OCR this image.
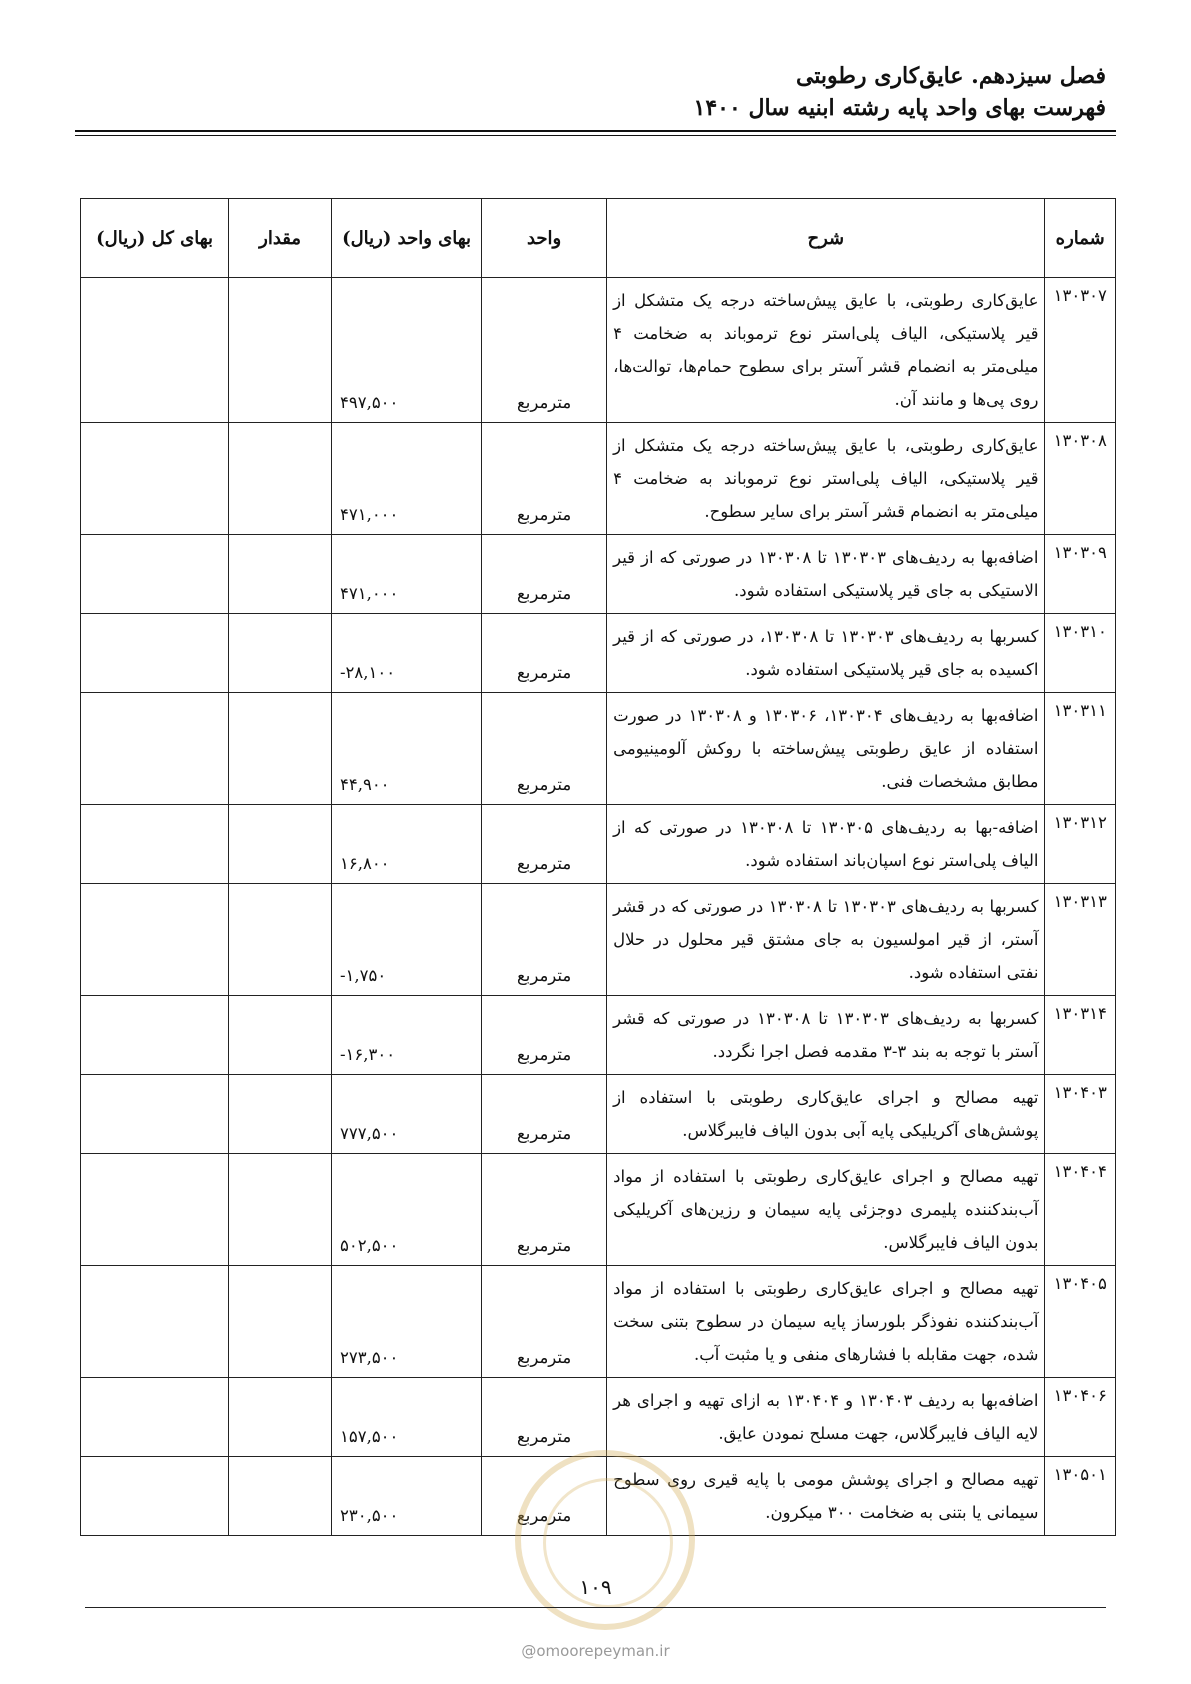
فصل سیزدهم. عایق‌کاری رطوبتی
فهرست بهای واحد پایه رشته ابنیه سال ۱۴۰۰
شماره	شرح	واحد	بهای واحد (ریال)	مقدار	بهای کل (ریال)
۱۳۰۳۰۷	عایق‌کاری رطوبتی، با عایق پیش‌ساخته درجه یک متشکل از قیر پلاستیکی، الیاف پلی‌استر نوع ترموباند به ضخامت ۴ میلی‌متر به انضمام قشر آستر برای سطوح حمام‌ها، توالت‌ها، روی پی‌ها و مانند آن.	مترمربع	۴۹۷,۵۰۰		
۱۳۰۳۰۸	عایق‌کاری رطوبتی، با عایق پیش‌ساخته درجه یک متشکل از قیر پلاستیکی، الیاف پلی‌استر نوع ترموباند به ضخامت ۴ میلی‌متر به انضمام قشر آستر برای سایر سطوح.	مترمربع	۴۷۱,۰۰۰		
۱۳۰۳۰۹	اضافه‌بها به ردیف‌های ۱۳۰۳۰۳ تا ۱۳۰۳۰۸ در صورتی که از قیر الاستیکی به جای قیر پلاستیکی استفاده شود.	مترمربع	۴۷۱,۰۰۰		
۱۳۰۳۱۰	کسربها به ردیف‌های ۱۳۰۳۰۳ تا ۱۳۰۳۰۸، در صورتی که از قیر اکسیده به جای قیر پلاستیکی استفاده شود.	مترمربع	-۲۸,۱۰۰		
۱۳۰۳۱۱	اضافه‌بها به ردیف‌های ۱۳۰۳۰۴، ۱۳۰۳۰۶ و ۱۳۰۳۰۸ در صورت استفاده از عایق رطوبتی پیش‌ساخته با روکش آلومینیومی مطابق مشخصات فنی.	مترمربع	۴۴,۹۰۰		
۱۳۰۳۱۲	اضافه-بها به ردیف‌های ۱۳۰۳۰۵ تا ۱۳۰۳۰۸ در صورتی که از الیاف پلی‌استر نوع اسپان‌باند استفاده شود.	مترمربع	۱۶,۸۰۰		
۱۳۰۳۱۳	کسربها به ردیف‌های ۱۳۰۳۰۳ تا ۱۳۰۳۰۸ در صورتی که در قشر آستر، از قیر امولسیون به جای مشتق قیر محلول در حلال نفتی استفاده شود.	مترمربع	-۱,۷۵۰		
۱۳۰۳۱۴	کسربها به ردیف‌های ۱۳۰۳۰۳ تا ۱۳۰۳۰۸ در صورتی که قشر آستر با توجه به بند ۳-۳ مقدمه فصل اجرا نگردد.	مترمربع	-۱۶,۳۰۰		
۱۳۰۴۰۳	تهیه مصالح و اجرای عایق‌کاری رطوبتی با استفاده از پوشش‌های آکریلیکی پایه آبی بدون الیاف فایبرگلاس.	مترمربع	۷۷۷,۵۰۰		
۱۳۰۴۰۴	تهیه مصالح و اجرای عایق‌کاری رطوبتی با استفاده از مواد آب‌بندکننده پلیمری دوجزئی پایه سیمان و رزین‌های آکریلیکی بدون الیاف فایبرگلاس.	مترمربع	۵۰۲,۵۰۰		
۱۳۰۴۰۵	تهیه مصالح و اجرای عایق‌کاری رطوبتی با استفاده از مواد آب‌بندکننده نفوذگر بلورساز پایه سیمان در سطوح بتنی سخت شده، جهت مقابله با فشارهای منفی و یا مثبت آب.	مترمربع	۲۷۳,۵۰۰		
۱۳۰۴۰۶	اضافه‌بها به ردیف ۱۳۰۴۰۳ و ۱۳۰۴۰۴ به ازای تهیه و اجرای هر لایه الیاف فایبرگلاس، جهت مسلح نمودن عایق.	مترمربع	۱۵۷,۵۰۰		
۱۳۰۵۰۱	تهیه مصالح و اجرای پوشش مومی با پایه قیری روی سطوح سیمانی یا بتنی به ضخامت ۳۰۰ میکرون.	مترمربع	۲۳۰,۵۰۰		
۱۰۹
@omoorepeyman.ir
